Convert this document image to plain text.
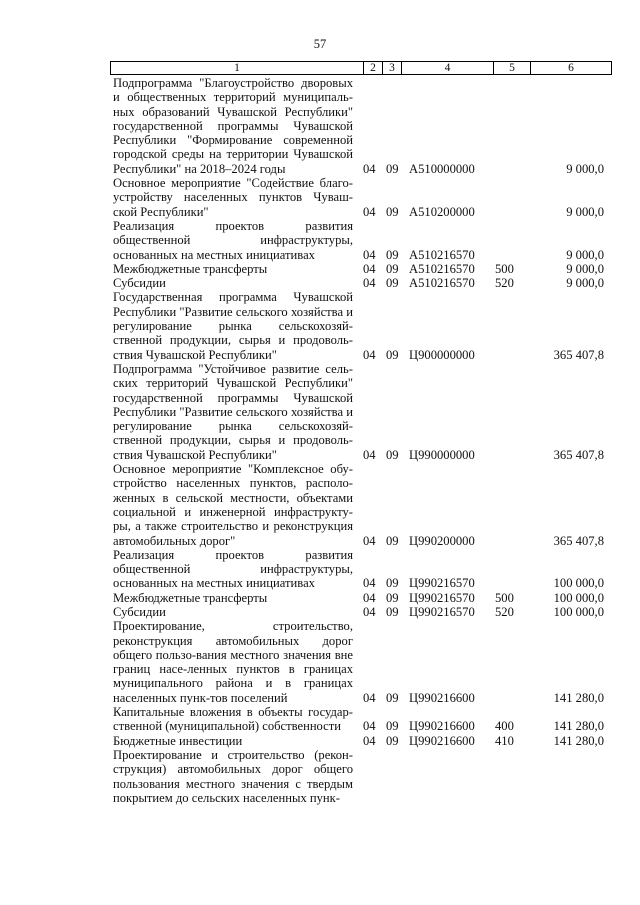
57
1	2	3	4	5	6
Подпрограмма "Благоустройство дворовых и общественных территорий муниципаль-ных образований Чувашской Республики" государственной программы Чувашской Республики "Формирование современной городской среды на территории Чувашской Республики" на 2018–2024 годы	04 09 А510000000	9 000,0
Основное мероприятие "Содействие благо-устройству населенных пунктов Чуваш-ской Республики"	04 09 А510200000	9 000,0
Реализация проектов развития общественной инфраструктуры, основанных на местных инициативах	04 09 А510216570	9 000,0
Межбюджетные трансферты	04 09 А510216570 500	9 000,0
Субсидии	04 09 А510216570 520	9 000,0
Государственная программа Чувашской Республики "Развитие сельского хозяйства и регулирование рынка сельскохозяй-ственной продукции, сырья и продоволь-ствия Чувашской Республики"	04 09 Ц900000000	365 407,8
Подпрограмма "Устойчивое развитие сель-ских территорий Чувашской Республики" государственной программы Чувашской Республики "Развитие сельского хозяйства и регулирование рынка сельскохозяй-ственной продукции, сырья и продоволь-ствия Чувашской Республики"	04 09 Ц990000000	365 407,8
Основное мероприятие "Комплексное обу-стройство населенных пунктов, располо-женных в сельской местности, объектами социальной и инженерной инфраструкту-ры, а также строительство и реконструкция автомобильных дорог"	04 09 Ц990200000	365 407,8
Реализация проектов развития общественной инфраструктуры, основанных на местных инициативах	04 09 Ц990216570	100 000,0
Межбюджетные трансферты	04 09 Ц990216570 500	100 000,0
Субсидии	04 09 Ц990216570 520	100 000,0
Проектирование, строительство, реконструкция автомобильных дорог общего пользо-вания местного значения вне границ насе-ленных пунктов в границах муниципального района и в границах населенных пунк-тов поселений	04 09 Ц990216600	141 280,0
Капитальные вложения в объекты государ-ственной (муниципальной) собственности	04 09 Ц990216600 400	141 280,0
Бюджетные инвестиции	04 09 Ц990216600 410	141 280,0
Проектирование и строительство (рекон-струкция) автомобильных дорог общего пользования местного значения с твердым покрытием до сельских населенных пунк-
